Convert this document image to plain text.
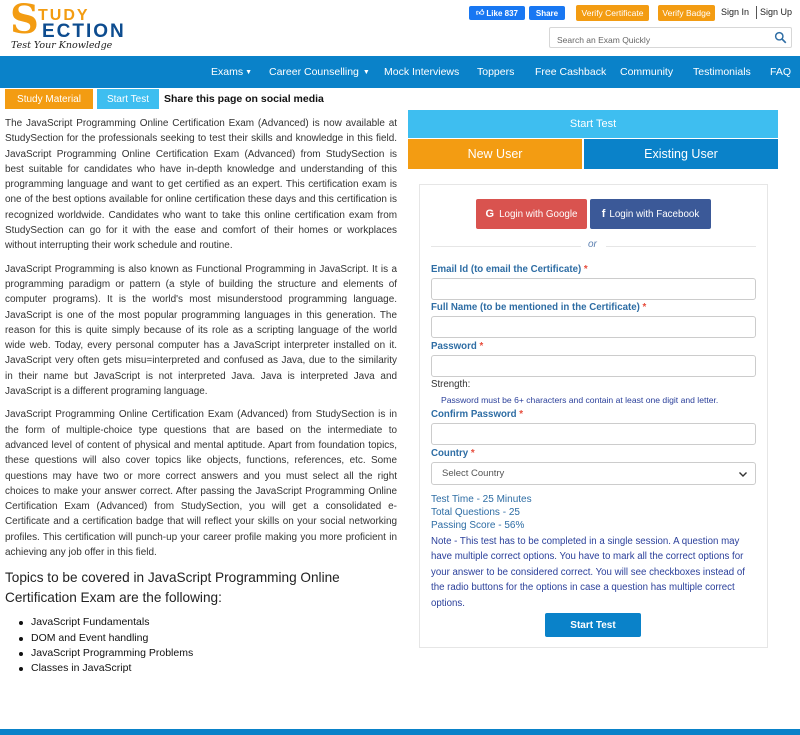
S TUDY
ECTION
Test Your Knowledge
👍︎ Like 837	Share	Verify Certificate	Verify Badge	Sign In Sign Up
Search an Exam Quickly
Exams ▼ Career Counselling ▼ Mock Interviews Toppers Free Cashback Community Testimonials FAQ
Study Material	Start Test	Share this page on social media

The JavaScript Programming Online Certification Exam (Advanced) is now available at StudySection for the professionals seeking to test their skills and knowledge in this field. JavaScript Programming Online Certification Exam (Advanced) from StudySection is best suitable for candidates who have in-depth knowledge and understanding of this programming language and want to get certified as an expert. This certification exam is one of the best options available for online certification these days and this certification is recognized worldwide. Candidates who want to take this online certification exam from StudySection can go for it with the ease and comfort of their homes or workplaces without interrupting their work schedule and routine.

JavaScript Programming is also known as Functional Programming in JavaScript. It is a programming paradigm or pattern (a style of building the structure and elements of computer programs). It is the world's most misunderstood programming language. JavaScript is one of the most popular programming languages in this generation. The reason for this is quite simply because of its role as a scripting language of the world wide web. Today, every personal computer has a JavaScript interpreter installed on it. JavaScript very often gets misu=interpreted and confused as Java, due to the similarity in their name but JavaScript is not interpreted Java. Java is interpreted Java and JavaScript is a different programing language.

JavaScript Programming Online Certification Exam (Advanced) from StudySection is in the form of multiple-choice type questions that are based on the intermediate to advanced level of content of physical and mental aptitude. Apart from foundation topics, these questions will also cover topics like objects, functions, references, etc. Some questions may have two or more correct answers and you must select all the right choices to make your answer correct. After passing the JavaScript Programming Online Certification Exam (Advanced) from StudySection, you will get a consolidated e-Certificate and a certification badge that will reflect your skills on your social networking profiles. This certification will punch-up your career profile making you more proficient in achieving any job offer in this field.

Topics to be covered in JavaScript Programming Online Certification Exam are the following:
JavaScript Fundamentals
DOM and Event handling
JavaScript Programming Problems
Classes in JavaScript
Start Test
New User	Existing User
G Login with Google f Login with Facebook
or
Email Id (to email the Certificate) *
Full Name (to be mentioned in the Certificate) *
Password *
Strength:
Password must be 6+ characters and contain at least one digit and letter.
Confirm Password *
Country *
Select Country
Test Time - 25 Minutes
Total Questions - 25
Passing Score - 56%
Note - This test has to be completed in a single session. A question may have multiple correct options. You have to mark all the correct options for your answer to be considered correct. You will see checkboxes instead of the radio buttons for the options in case a question has multiple correct options.
Start Test
